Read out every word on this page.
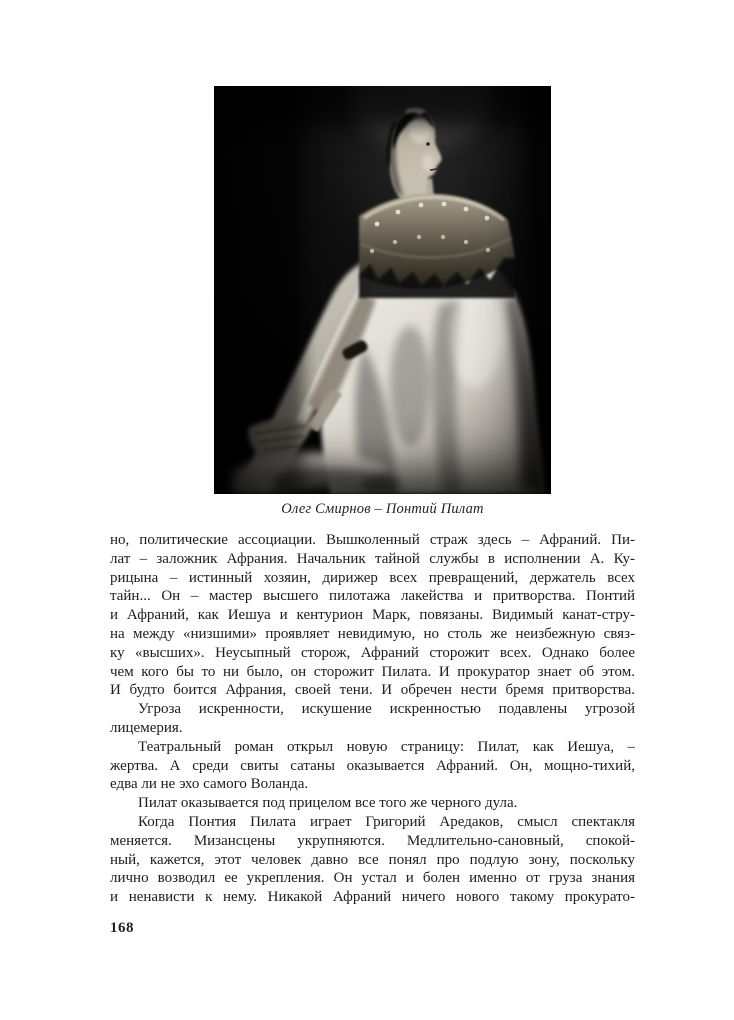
Олег Смирнов – Понтий Пилат
но, политические ассоциации. Вышколенный страж здесь – Афраний. Пи-
лат – заложник Афрания. Начальник тайной службы в исполнении А. Ку-
рицына – истинный хозяин, дирижер всех превращений, держатель всех
тайн... Он – мастер высшего пилотажа лакейства и притворства. Понтий
и Афраний, как Иешуа и кентурион Марк, повязаны. Видимый канат-стру-
на между «низшими» проявляет невидимую, но столь же неизбежную связ-
ку «высших». Неусыпный сторож, Афраний сторожит всех. Однако более
чем кого бы то ни было, он сторожит Пилата. И прокуратор знает об этом.
И будто боится Афрания, своей тени. И обречен нести бремя притворства.
Угроза искренности, искушение искренностью подавлены угрозой
лицемерия.
Театральный роман открыл новую страницу: Пилат, как Иешуа, –
жертва. А среди свиты сатаны оказывается Афраний. Он, мощно-тихий,
едва ли не эхо самого Воланда.
Пилат оказывается под прицелом все того же черного дула.
Когда Понтия Пилата играет Григорий Аредаков, смысл спектакля
меняется. Мизансцены укрупняются. Медлительно-сановный, спокой-
ный, кажется, этот человек давно все понял про подлую зону, поскольку
лично возводил ее укрепления. Он устал и болен именно от груза знания
и ненависти к нему. Никакой Афраний ничего нового такому прокурато-
168
